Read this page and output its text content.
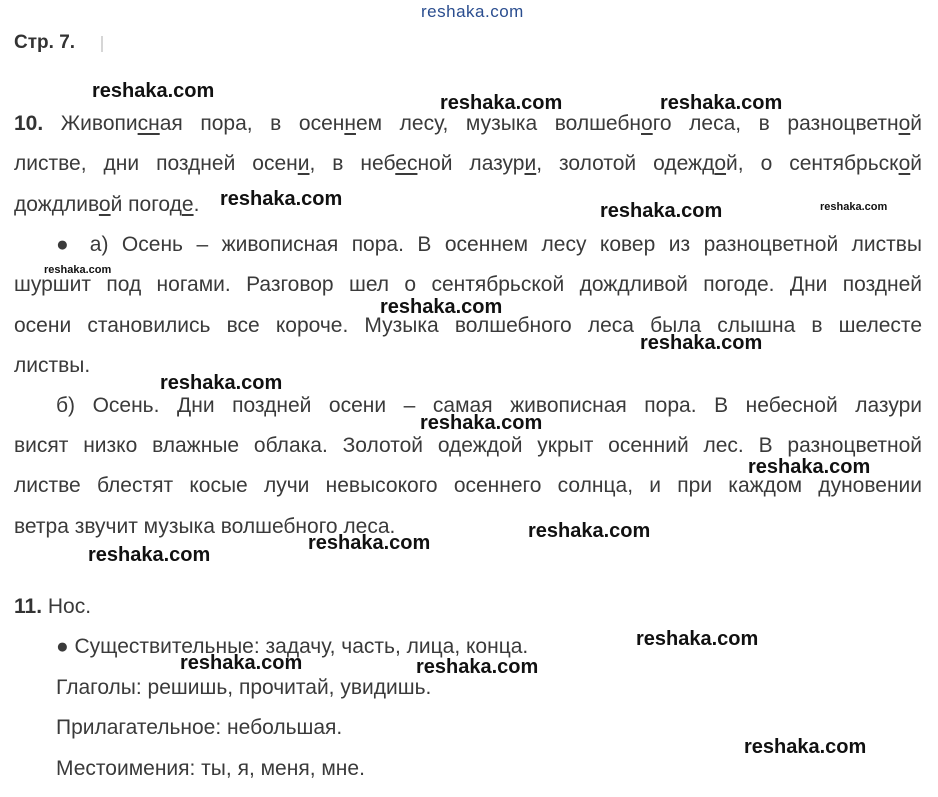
reshaka.com
Стр. 7.
10. Живописная пора, в осеннем лесу, музыка волшебного леса, в разноцветной
листве, дни поздней осени, в небесной лазури, золотой одеждой, о сентябрьской
дождливой погоде.
● а) Осень – живописная пора. В осеннем лесу ковер из разноцветной листвы
шуршит под ногами. Разговор шел о сентябрьской дождливой погоде. Дни поздней
осени становились все короче. Музыка волшебного леса была слышна в шелесте
листвы.
б) Осень. Дни поздней осени – самая живописная пора. В небесной лазури
висят низко влажные облака. Золотой одеждой укрыт осенний лес. В разноцветной
листве блестят косые лучи невысокого осеннего солнца, и при каждом дуновении
ветра звучит музыка волшебного леса.
11. Нос.
● Существительные: задачу, часть, лица, конца.
Глаголы: решишь, прочитай, увидишь.
Прилагательное: небольшая.
Местоимения: ты, я, меня, мне.
reshaka.com
reshaka.com	reshaka.com
reshaka.com
reshaka.com	reshaka.com
reshaka.com
reshaka.com
reshaka.com
reshaka.com
reshaka.com
reshaka.com
reshaka.com
reshaka.com
reshaka.com
reshaka.com
reshaka.com	reshaka.com
reshaka.com
